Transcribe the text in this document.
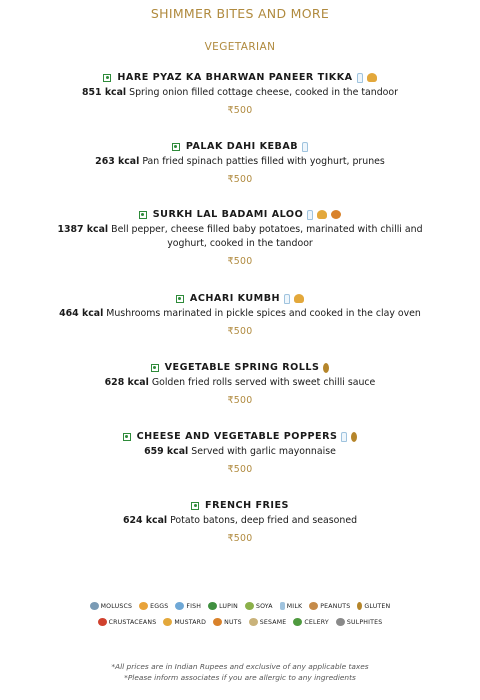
SHIMMER BITES AND MORE
VEGETARIAN
HARE PYAZ KA BHARWAN PANEER TIKKA
851 kcal Spring onion filled cottage cheese, cooked in the tandoor
₹500
PALAK DAHI KEBAB
263 kcal Pan fried spinach patties filled with yoghurt, prunes
₹500
SURKH LAL BADAMI ALOO
1387 kcal Bell pepper, cheese filled baby potatoes, marinated with chilli and
yoghurt, cooked in the tandoor
₹500
ACHARI KUMBH
464 kcal Mushrooms marinated in pickle spices and cooked in the clay oven
₹500
VEGETABLE SPRING ROLLS
628 kcal Golden fried rolls served with sweet chilli sauce
₹500
CHEESE AND VEGETABLE POPPERS
659 kcal Served with garlic mayonnaise
₹500
FRENCH FRIES
624 kcal Potato batons, deep fried and seasoned
₹500
MOLUSCS	EGGS	FISH	LUPIN	SOYA MILK	PEANUTS GLUTEN
CRUSTACEANS	MUSTARD	NUTS	SESAME	CELERY	SULPHITES
*All prices are in Indian Rupees and exclusive of any applicable taxes
*Please inform associates if you are allergic to any ingredients
